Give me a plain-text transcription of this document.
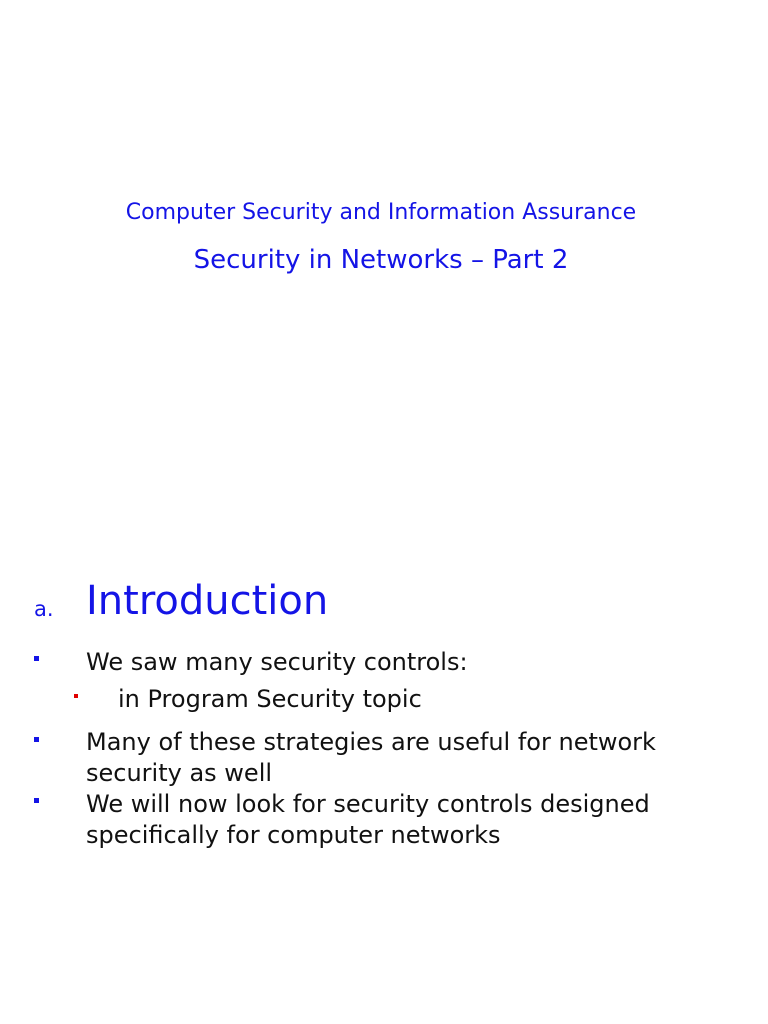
Computer Security and Information Assurance
Security in Networks – Part 2
a. Introduction
We saw many security controls:
in Program Security topic
Many of these strategies are useful for network
security as well
We will now look for security controls designed
specifically for computer networks
